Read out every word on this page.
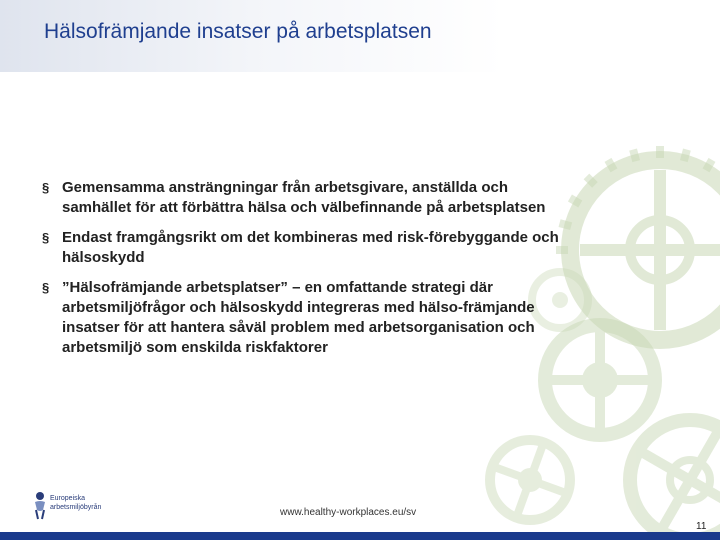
Hälsofrämjande insatser på arbetsplatsen
§ Gemensamma ansträngningar från arbetsgivare, anställda och samhället för att förbättra hälsa och välbefinnande på arbetsplatsen
§ Endast framgångsrikt om det kombineras med risk-förebyggande och hälsoskydd
§ ”Hälsofrämjande arbetsplatser” – en omfattande strategi där arbetsmiljöfrågor och hälsoskydd integreras med hälso-främjande insatser för att hantera såväl problem med arbetsorganisation och arbetsmiljö som enskilda riskfaktorer
Europeiska
arbetsmiljöbyrån	www.healthy-workplaces.eu/sv
11
